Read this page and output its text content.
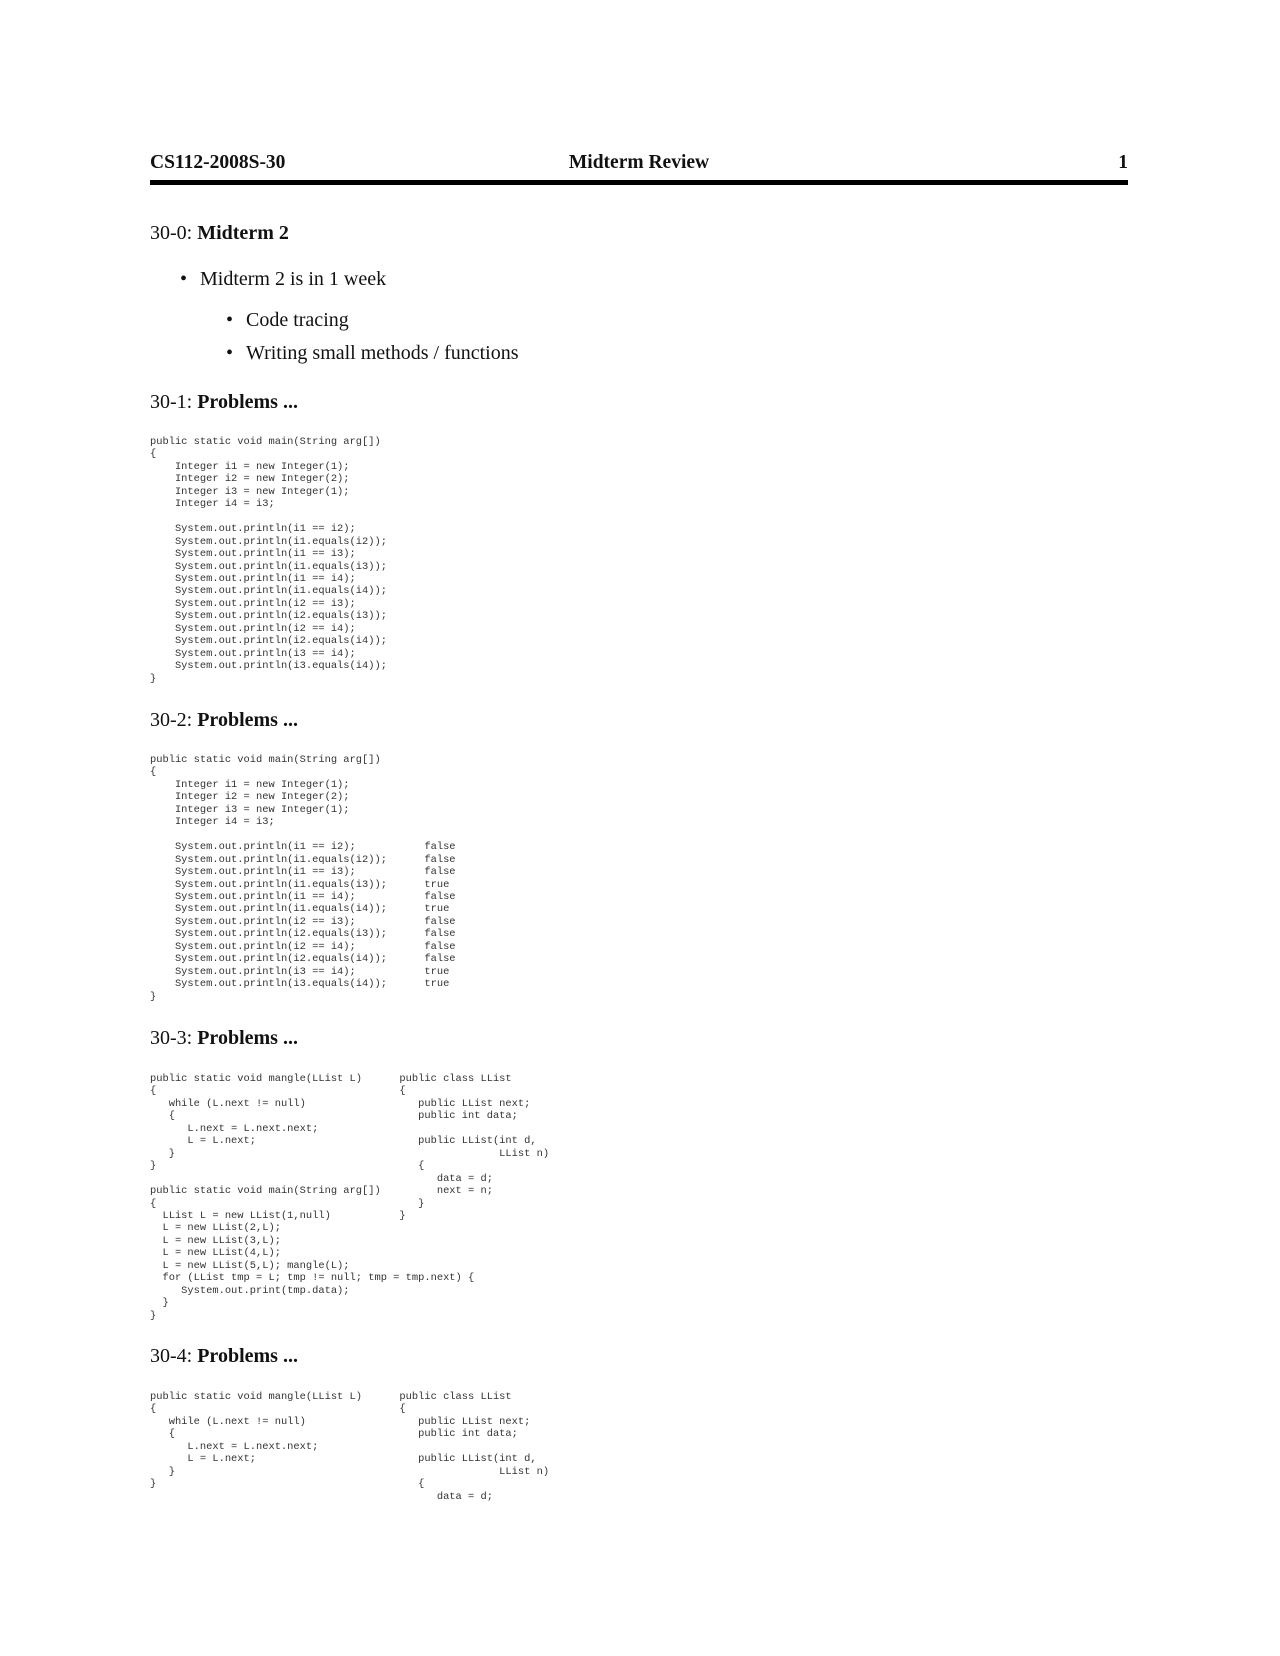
CS112-2008S-30	Midterm Review	1
30-0: Midterm 2
• Midterm 2 is in 1 week
• Code tracing
• Writing small methods / functions
30-1: Problems ...
public static void main(String arg[])
{
Integer i1 = new Integer(1);
Integer i2 = new Integer(2);
Integer i3 = new Integer(1);
Integer i4 = i3;

System.out.println(i1 == i2);
System.out.println(i1.equals(i2));
System.out.println(i1 == i3);
System.out.println(i1.equals(i3));
System.out.println(i1 == i4);
System.out.println(i1.equals(i4));
System.out.println(i2 == i3);
System.out.println(i2.equals(i3));
System.out.println(i2 == i4);
System.out.println(i2.equals(i4));
System.out.println(i3 == i4);
System.out.println(i3.equals(i4));
}
30-2: Problems ...
public static void main(String arg[])
{
Integer i1 = new Integer(1);
Integer i2 = new Integer(2);
Integer i3 = new Integer(1);
Integer i4 = i3;

System.out.println(i1 == i2);           false
System.out.println(i1.equals(i2));      false
System.out.println(i1 == i3);           false
System.out.println(i1.equals(i3));      true
System.out.println(i1 == i4);           false
System.out.println(i1.equals(i4));      true
System.out.println(i2 == i3);           false
System.out.println(i2.equals(i3));      false
System.out.println(i2 == i4);           false
System.out.println(i2.equals(i4));      false
System.out.println(i3 == i4);           true
System.out.println(i3.equals(i4));      true
}
30-3: Problems ...
public static void mangle(LList L)      public class LList
{                                       {
while (L.next != null)                  public LList next;
{                                       public int data;
L.next = L.next.next;
L = L.next;                          public LList(int d,
}                                                    LList n)
}                                          {
data = d;
public static void main(String arg[])         next = n;
{                                          }
LList L = new LList(1,null)           }
L = new LList(2,L);
L = new LList(3,L);
L = new LList(4,L);
L = new LList(5,L); mangle(L);
for (LList tmp = L; tmp != null; tmp = tmp.next) {
System.out.print(tmp.data);
}
}
30-4: Problems ...
public static void mangle(LList L)      public class LList
{                                       {
while (L.next != null)                  public LList next;
{                                       public int data;
L.next = L.next.next;
L = L.next;                          public LList(int d,
}                                                    LList n)
}                                          {
data = d;
